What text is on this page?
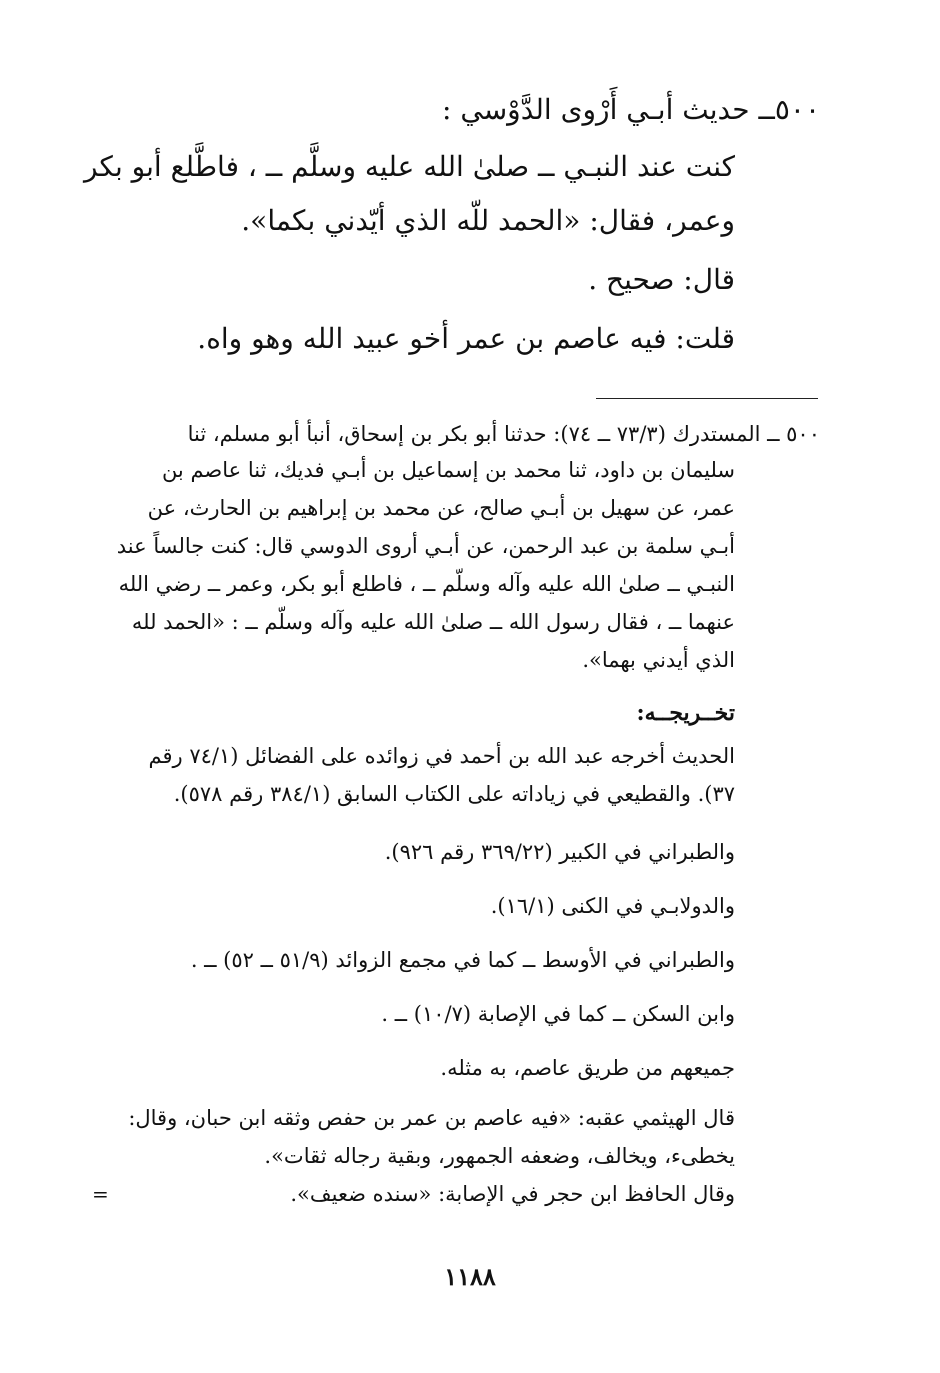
٥٠٠ــ حديث أبـي أَرْوى الدَّوْسي :
كنت عند النبـي ــ صلىٰ الله عليه وسلَّم ــ ، فاطَّلع أبو بكر
وعمر، فقال: «الحمد للّه الذي أيّدني بكما».
قال: صحيح .
قلت: فيه عاصم بن عمر أخو عبيد الله وهو واه.
٥٠٠ ــ المستدرك (٧٣/٣ ــ ٧٤): حدثنا أبو بكر بن إسحاق، أنبأ أبو مسلم، ثنا
سليمان بن داود، ثنا محمد بن إسماعيل بن أبـي فديك، ثنا عاصم بن
عمر، عن سهيل بن أبـي صالح، عن محمد بن إبراهيم بن الحارث، عن
أبـي سلمة بن عبد الرحمن، عن أبـي أروى الدوسي قال: كنت جالساً عند
النبـي ــ صلىٰ الله عليه وآله وسلّم ــ ، فاطلع أبو بكر، وعمر ــ رضي الله
عنهما ــ ، فقال رسول الله ــ صلىٰ الله عليه وآله وسلّم ــ : «الحمد لله
الذي أيدني بهما».
تخــريجــه:
الحديث أخرجه عبد الله بن أحمد في زوائده على الفضائل (٧٤/١ رقم
٣٧). والقطيعي في زياداته على الكتاب السابق (٣٨٤/١ رقم ٥٧٨).
والطبراني في الكبير (٣٦٩/٢٢ رقم ٩٢٦).
والدولابـي في الكنى (١٦/١).
والطبراني في الأوسط ــ كما في مجمع الزوائد (٥١/٩ ــ ٥٢) ــ .
وابن السكن ــ كما في الإصابة (١٠/٧) ــ .
جميعهم من طريق عاصم، به مثله.
قال الهيثمي عقبه: «فيه عاصم بن عمر بن حفص وثقه ابن حبان، وقال:
يخطىء، ويخالف، وضعفه الجمهور، وبقية رجاله ثقات».
وقال الحافظ ابن حجر في الإصابة: «سنده ضعيف».
=
١١٨٨
